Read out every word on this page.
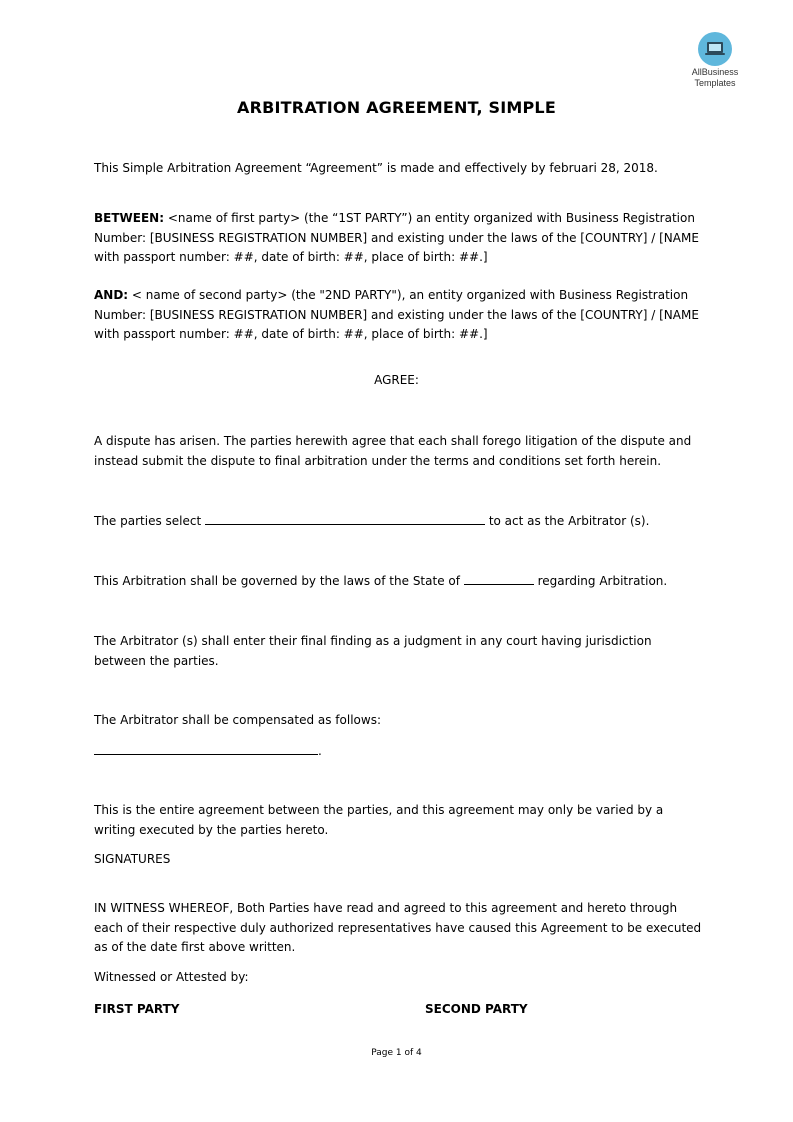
AllBusiness
Templates
ARBITRATION AGREEMENT, SIMPLE
This Simple Arbitration Agreement “Agreement” is made and effectively by februari 28, 2018.
BETWEEN: <name of first party> (the “1ST PARTY”) an entity organized with Business Registration Number: [BUSINESS REGISTRATION NUMBER] and existing under the laws of the [COUNTRY] / [NAME with passport number: ##, date of birth: ##, place of birth: ##.]
AND: < name of second party> (the "2ND PARTY"), an entity organized with Business Registration Number: [BUSINESS REGISTRATION NUMBER] and existing under the laws of the [COUNTRY] / [NAME with passport number: ##, date of birth: ##, place of birth: ##.]
AGREE:
A dispute has arisen. The parties herewith agree that each shall forego litigation of the dispute and instead submit the dispute to final arbitration under the terms and conditions set forth herein.
The parties select	to act as the Arbitrator (s).
This Arbitration shall be governed by the laws of the State of	regarding Arbitration.
The Arbitrator (s) shall enter their final finding as a judgment in any court having jurisdiction between the parties.
The Arbitrator shall be compensated as follows:
.
This is the entire agreement between the parties, and this agreement may only be varied by a writing executed by the parties hereto.
SIGNATURES
IN WITNESS WHEREOF, Both Parties have read and agreed to this agreement and hereto through each of their respective duly authorized representatives have caused this Agreement to be executed as of the date first above written.
Witnessed or Attested by:
FIRST PARTY	SECOND PARTY
Page 1 of 4
